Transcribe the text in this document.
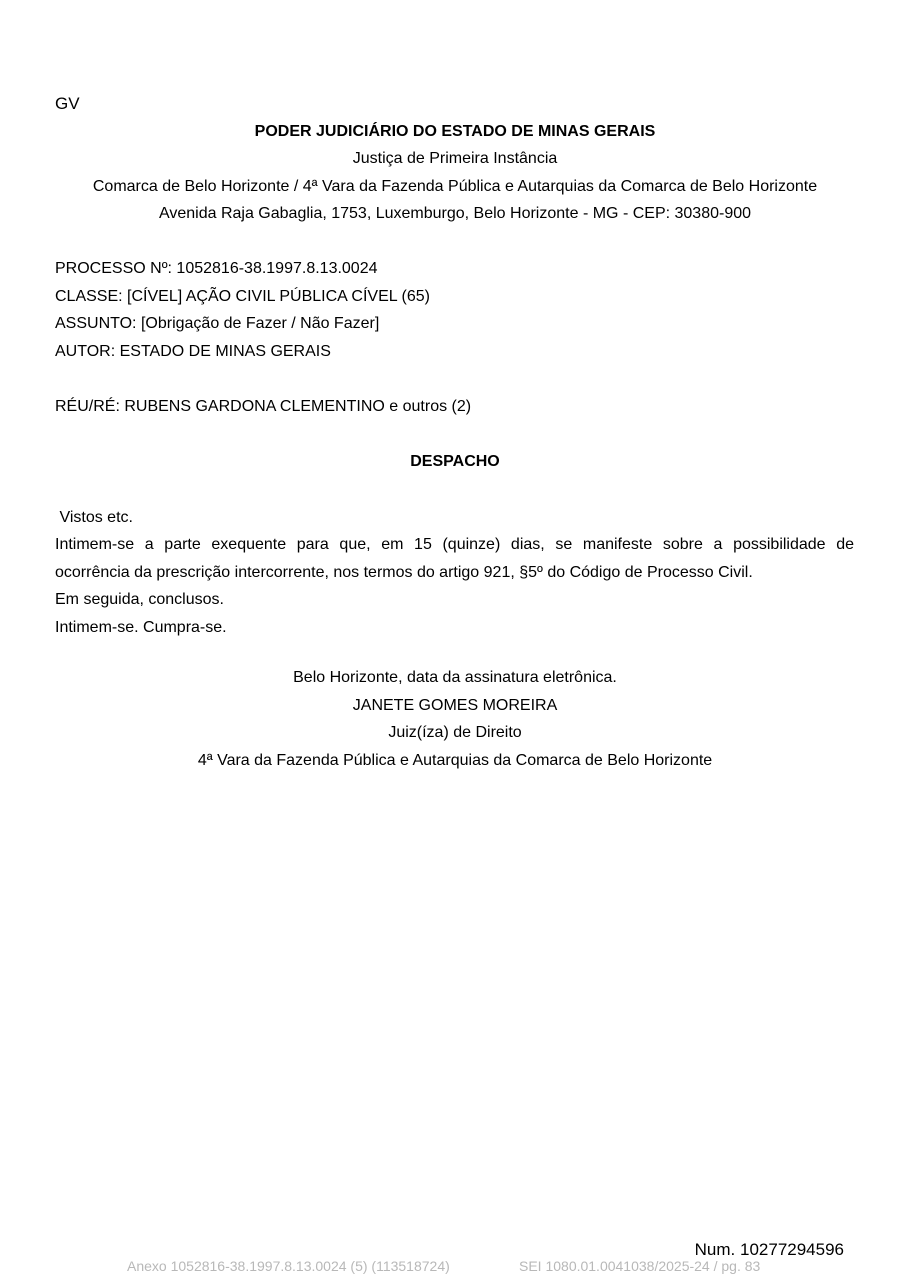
GV
PODER JUDICIÁRIO DO ESTADO DE MINAS GERAIS
Justiça de Primeira Instância
Comarca de Belo Horizonte / 4ª Vara da Fazenda Pública e Autarquias da Comarca de Belo Horizonte
Avenida Raja Gabaglia, 1753, Luxemburgo, Belo Horizonte - MG - CEP: 30380-900
PROCESSO Nº: 1052816-38.1997.8.13.0024
CLASSE: [CÍVEL] AÇÃO CIVIL PÚBLICA CÍVEL (65)
ASSUNTO: [Obrigação de Fazer / Não Fazer]
AUTOR: ESTADO DE MINAS GERAIS
RÉU/RÉ: RUBENS GARDONA CLEMENTINO e outros (2)
DESPACHO
Vistos etc.
Intimem-se a parte exequente para que, em 15 (quinze) dias, se manifeste sobre a possibilidade de
ocorrência da prescrição intercorrente, nos termos do artigo 921, §5º do Código de Processo Civil.
Em seguida, conclusos.
Intimem-se. Cumpra-se.
Belo Horizonte, data da assinatura eletrônica.
JANETE GOMES MOREIRA
Juiz(íza) de Direito
4ª Vara da Fazenda Pública e Autarquias da Comarca de Belo Horizonte
Num. 10277294596
Anexo 1052816-38.1997.8.13.0024 (5) (113518724)	SEI 1080.01.0041038/2025-24 / pg. 83
